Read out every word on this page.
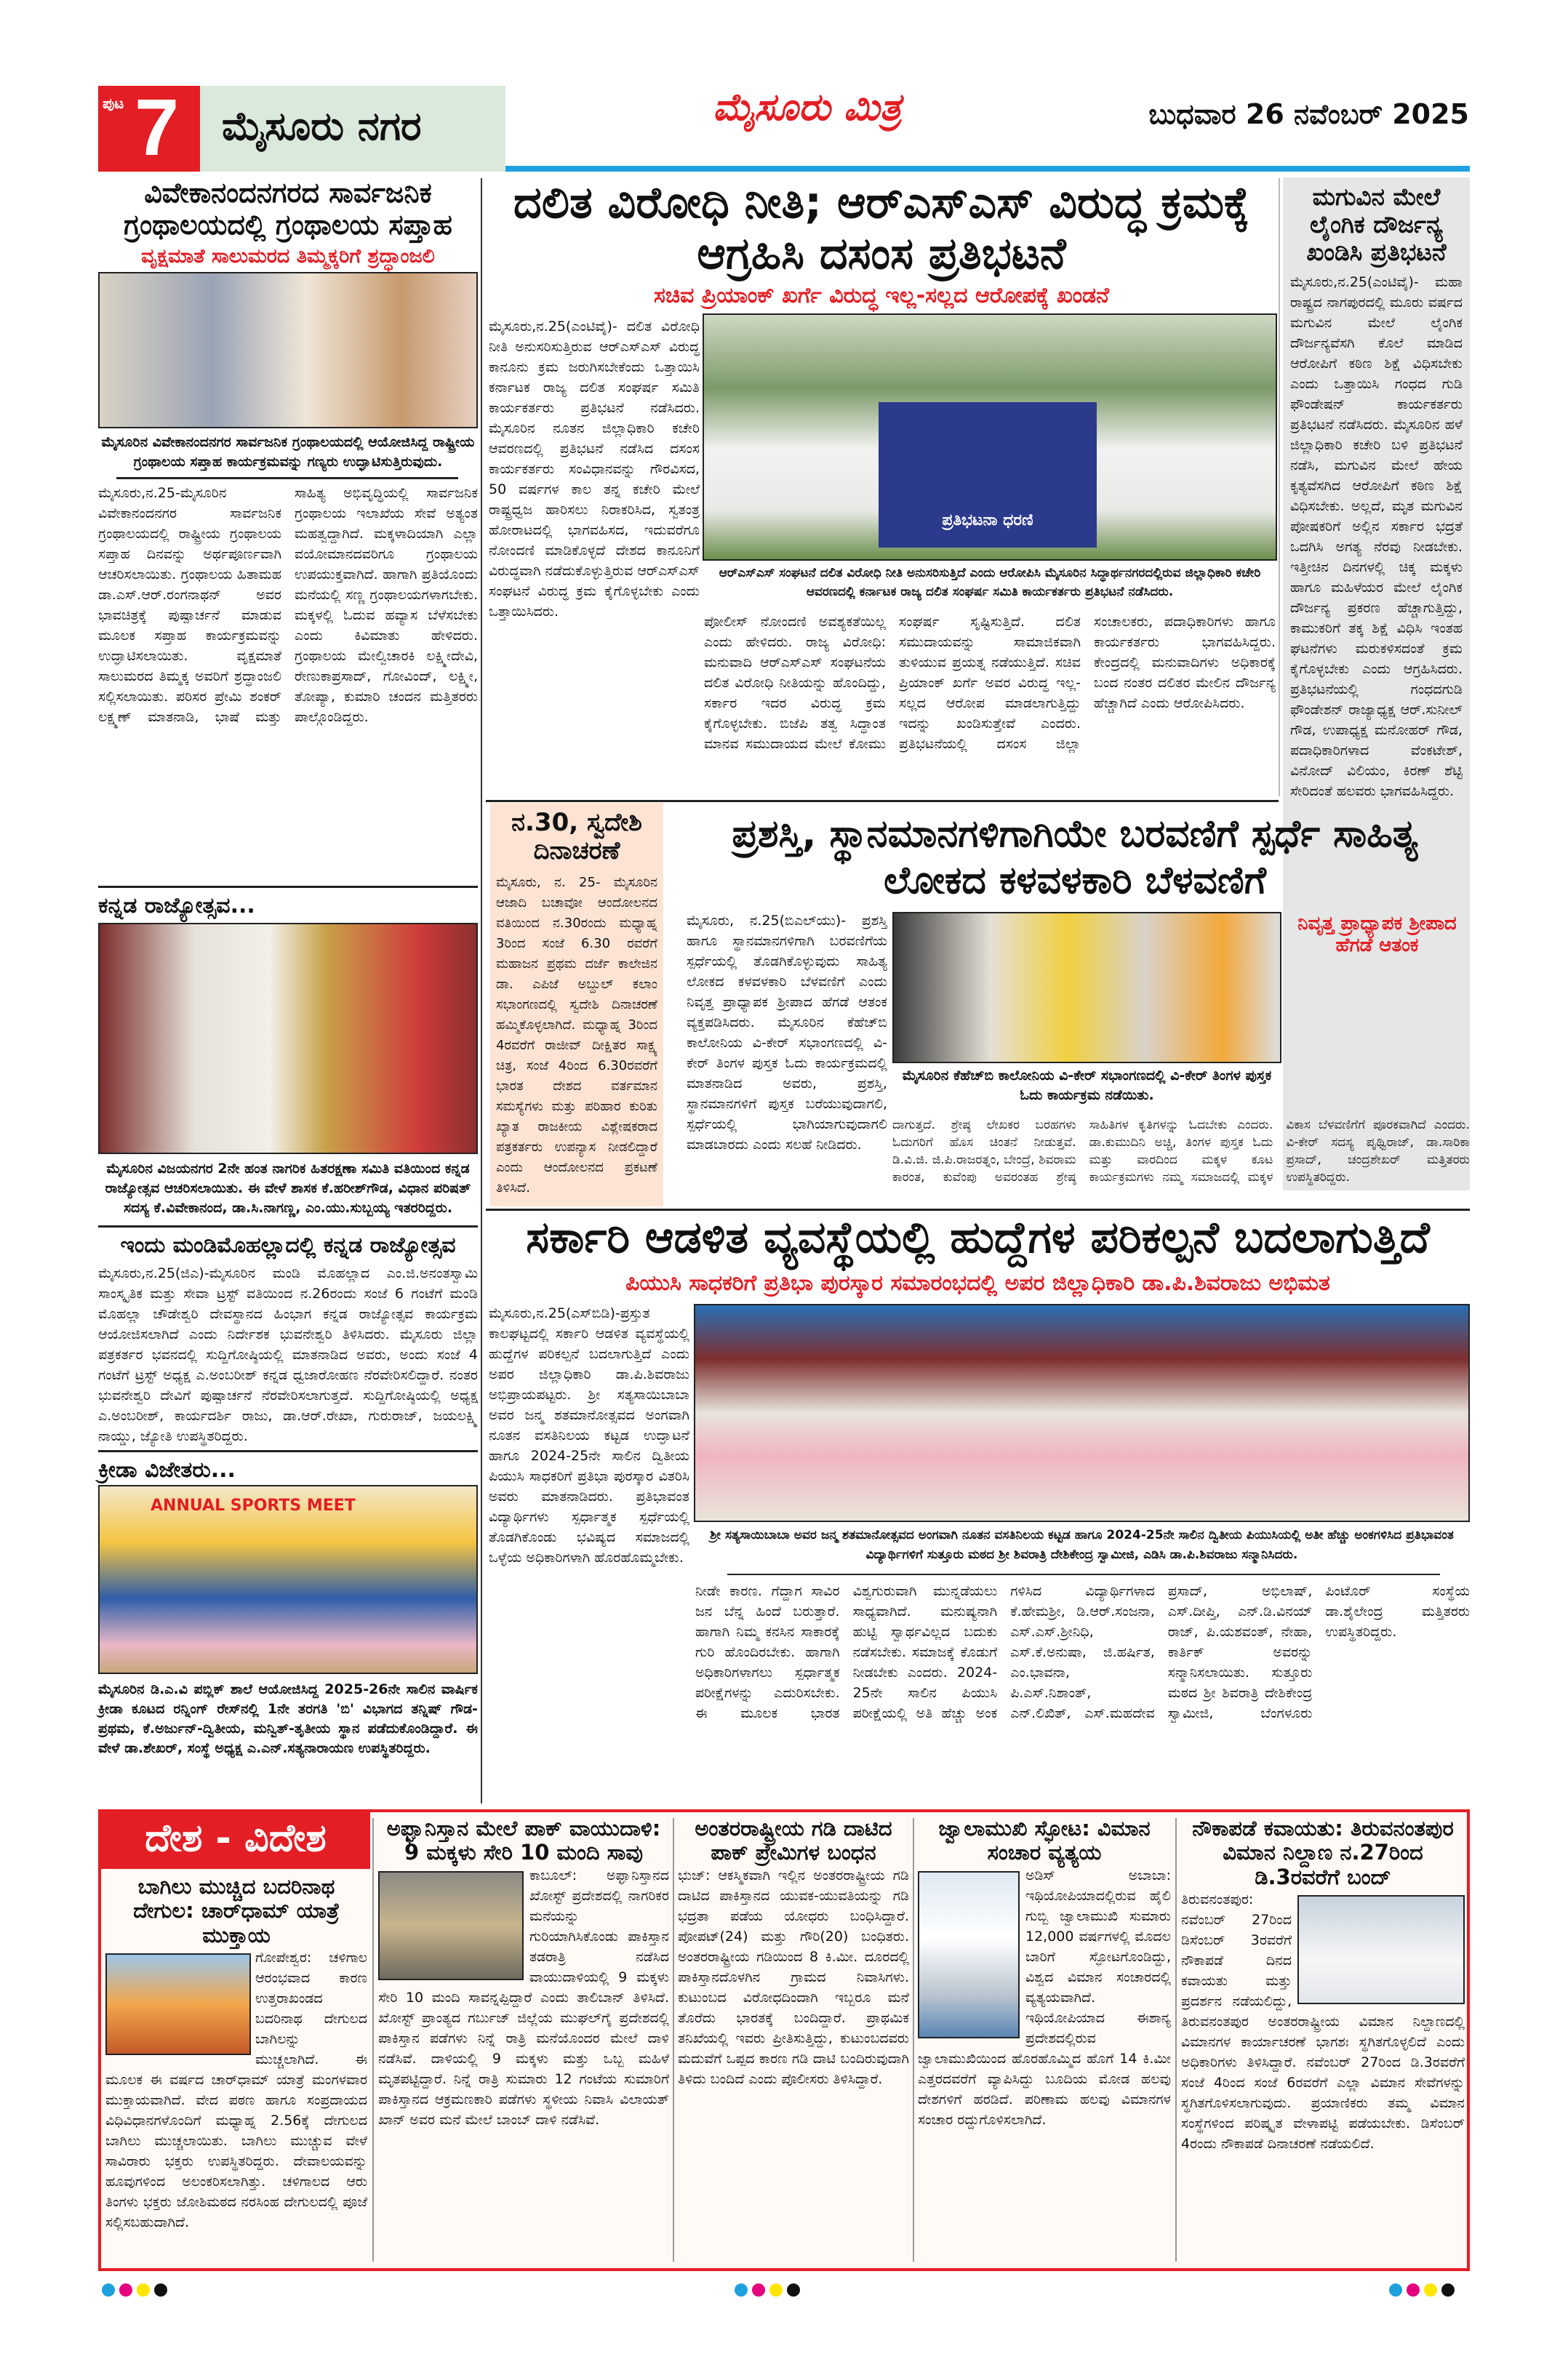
ಪುಟ 7	ಮೈಸೂರು ನಗರ	ಮೈಸೂರು ಮಿತ್ರ	ಬುಧವಾರ 26 ನವೆಂಬರ್ 2025
ವಿವೇಕಾನಂದನಗರದ ಸಾರ್ವಜನಿಕ ಗ್ರಂಥಾಲಯದಲ್ಲಿ ಗ್ರಂಥಾಲಯ ಸಪ್ತಾಹ
ವೃಕ್ಷಮಾತೆ ಸಾಲುಮರದ ತಿಮ್ಮಕ್ಕರಿಗೆ ಶ್ರದ್ಧಾಂಜಲಿ
ಮೈಸೂರಿನ ವಿವೇಕಾನಂದನಗರ ಸಾರ್ವಜನಿಕ ಗ್ರಂಥಾಲಯದಲ್ಲಿ ಆಯೋಜಿಸಿದ್ದ ರಾಷ್ಟ್ರೀಯ ಗ್ರಂಥಾಲಯ ಸಪ್ತಾಹ ಕಾರ್ಯಕ್ರಮವನ್ನು ಗಣ್ಯರು ಉದ್ಘಾಟಿಸುತ್ತಿರುವುದು.
ಮೈಸೂರು,ನ.25-ಮೈಸೂರಿನ ವಿವೇಕಾನಂದನಗರ ಸಾರ್ವಜನಿಕ ಗ್ರಂಥಾಲಯದಲ್ಲಿ ರಾಷ್ಟ್ರೀಯ ಗ್ರಂಥಾಲಯ ಸಪ್ತಾಹ ದಿನವನ್ನು ಅರ್ಥಪೂರ್ಣವಾಗಿ ಆಚರಿಸಲಾಯಿತು. ಗ್ರಂಥಾಲಯ ಹಿತಾಮಹ ಡಾ.ಎಸ್.ಆರ್.ರಂಗನಾಥನ್ ಅವರ ಭಾವಚಿತ್ರಕ್ಕೆ ಪುಷ್ಪಾರ್ಚನೆ ಮಾಡುವ ಮೂಲಕ ಸಪ್ತಾಹ ಕಾರ್ಯಕ್ರಮವನ್ನು ಉದ್ಘಾಟಿಸಲಾಯಿತು. ವೃಕ್ಷಮಾತೆ ಸಾಲುಮರದ ತಿಮ್ಮಕ್ಕ ಅವರಿಗೆ ಶ್ರದ್ಧಾಂಜಲಿ ಸಲ್ಲಿಸಲಾಯಿತು. ಪರಿಸರ ಪ್ರೇಮಿ ಶಂಕರ್ ಲಕ್ಷ್ಮಣ್ ಮಾತನಾಡಿ, ಭಾಷೆ ಮತ್ತು ಸಾಹಿತ್ಯ ಅಭಿವೃದ್ಧಿಯಲ್ಲಿ ಸಾರ್ವಜನಿಕ ಗ್ರಂಥಾಲಯ ಇಲಾಖೆಯ ಸೇವೆ ಅತ್ಯಂತ ಮಹತ್ವದ್ದಾಗಿದೆ. ಮಕ್ಕಳಾದಿಯಾಗಿ ಎಲ್ಲಾ ವಯೋಮಾನದವರಿಗೂ ಗ್ರಂಥಾಲಯ ಉಪಯುಕ್ತವಾಗಿದೆ. ಹಾಗಾಗಿ ಪ್ರತಿಯೊಂದು ಮನೆಯಲ್ಲಿ ಸಣ್ಣ ಗ್ರಂಥಾಲಯಗಳಾಗಬೇಕು. ಮಕ್ಕಳಲ್ಲಿ ಓದುವ ಹವ್ಯಾಸ ಬೆಳೆಸಬೇಕು ಎಂದು ಕಿವಿಮಾತು ಹೇಳಿದರು. ಗ್ರಂಥಾಲಯ ಮೇಲ್ವಿಚಾರಕಿ ಲಕ್ಷ್ಮೀದೇವಿ, ರೇಣುಕಾಪ್ರಸಾದ್, ಗೋವಿಂದ್, ಲಕ್ಷ್ಮೀ, ತೋಪ್ಯಾ, ಕುಮಾರಿ ಚಂದನ ಮತ್ತಿತರರು ಪಾಲ್ಗೊಂಡಿದ್ದರು.
ಕನ್ನಡ ರಾಜ್ಯೋತ್ಸವ...
ಮೈಸೂರಿನ ವಿಜಯನಗರ 2ನೇ ಹಂತ ನಾಗರಿಕ ಹಿತರಕ್ಷಣಾ ಸಮಿತಿ ವತಿಯಿಂದ ಕನ್ನಡ ರಾಜ್ಯೋತ್ಸವ ಆಚರಿಸಲಾಯಿತು. ಈ ವೇಳೆ ಶಾಸಕ ಕೆ.ಹರೀಶ್‌ಗೌಡ, ವಿಧಾನ ಪರಿಷತ್ ಸದಸ್ಯ ಕೆ.ವಿವೇಕಾನಂದ, ಡಾ.ಸಿ.ನಾಗಣ್ಣ, ಎಂ.ಯು.ಸುಬ್ಬಯ್ಯ ಇತರರಿದ್ದರು.
ಇಂದು ಮಂಡಿಮೊಹಲ್ಲಾದಲ್ಲಿ ಕನ್ನಡ ರಾಜ್ಯೋತ್ಸವ
ಮೈಸೂರು,ನ.25(ಜಿಎ)-ಮೈಸೂರಿನ ಮಂಡಿ ಮೊಹಲ್ಲಾದ ಎಂ.ಜಿ.ಅನಂತಸ್ವಾಮಿ ಸಾಂಸ್ಕೃತಿಕ ಮತ್ತು ಸೇವಾ ಟ್ರಸ್ಟ್ ವತಿಯಿಂದ ನ.26ರಂದು ಸಂಜೆ 6 ಗಂಟೆಗೆ ಮಂಡಿ ಮೊಹಲ್ಲಾ ಚೌಡೇಶ್ವರಿ ದೇವಸ್ಥಾನದ ಹಿಂಭಾಗ ಕನ್ನಡ ರಾಜ್ಯೋತ್ಸವ ಕಾರ್ಯಕ್ರಮ ಆಯೋಜಿಸಲಾಗಿದೆ ಎಂದು ನಿರ್ದೇಶಕ ಭುವನೇಶ್ವರಿ ತಿಳಿಸಿದರು. ಮೈಸೂರು ಜಿಲ್ಲಾ ಪತ್ರಕರ್ತರ ಭವನದಲ್ಲಿ ಸುದ್ದಿಗೋಷ್ಠಿಯಲ್ಲಿ ಮಾತನಾಡಿದ ಅವರು, ಅಂದು ಸಂಜೆ 4 ಗಂಟೆಗೆ ಟ್ರಸ್ಟ್ ಅಧ್ಯಕ್ಷ ಎ.ಅಂಬರೀಶ್ ಕನ್ನಡ ಧ್ವಜಾರೋಹಣ ನೆರವೇರಿಸಲಿದ್ದಾರೆ. ನಂತರ ಭುವನೇಶ್ವರಿ ದೇವಿಗೆ ಪುಷ್ಪಾರ್ಚನೆ ನೆರವೇರಿಸಲಾಗುತ್ತದೆ. ಸುದ್ದಿಗೋಷ್ಠಿಯಲ್ಲಿ ಅಧ್ಯಕ್ಷ ಎ.ಅಂಬರೀಶ್, ಕಾರ್ಯದರ್ಶಿ ರಾಜು, ಡಾ.ಆರ್.ರೇಖಾ, ಗುರುರಾಜ್, ಜಯಲಕ್ಷ್ಮಿ ನಾಯ್ಡು, ಜ್ಯೋತಿ ಉಪಸ್ಥಿತರಿದ್ದರು.
ಕ್ರೀಡಾ ವಿಜೇತರು...
ANNUAL SPORTS MEET
ಮೈಸೂರಿನ ಡಿ.ಎ.ವಿ ಪಬ್ಲಿಕ್ ಶಾಲೆ ಆಯೋಜಿಸಿದ್ದ 2025-26ನೇ ಸಾಲಿನ ವಾರ್ಷಿಕ ಕ್ರೀಡಾ ಕೂಟದ ರನ್ನಿಂಗ್ ರೇಸ್‌ನಲ್ಲಿ 1ನೇ ತರಗತಿ 'ಬಿ' ವಿಭಾಗದ ತನ್ನಿಷ್ ಗೌಡ-ಪ್ರಥಮ, ಕೆ.ಅರ್ಜುನ್-ದ್ವಿತೀಯ, ಮನ್ವಿತ್-ತೃತೀಯ ಸ್ಥಾನ ಪಡೆದುಕೊಂಡಿದ್ದಾರೆ. ಈ ವೇಳೆ ಡಾ.ಶೇಖರ್, ಸಂಸ್ಥೆ ಅಧ್ಯಕ್ಷ ಎ.ಎನ್.ಸತ್ಯನಾರಾಯಣ ಉಪಸ್ಥಿತರಿದ್ದರು.
ದಲಿತ ವಿರೋಧಿ ನೀತಿ; ಆರ್‌ಎಸ್‌ಎಸ್ ವಿರುದ್ಧ ಕ್ರಮಕ್ಕೆ ಆಗ್ರಹಿಸಿ ದಸಂಸ ಪ್ರತಿಭಟನೆ
ಸಚಿವ ಪ್ರಿಯಾಂಕ್ ಖರ್ಗೆ ವಿರುದ್ಧ ಇಲ್ಲ-ಸಲ್ಲದ ಆರೋಪಕ್ಕೆ ಖಂಡನೆ
ಮೈಸೂರು,ನ.25(ಎಂಟಿವೈ)- ದಲಿತ ವಿರೋಧಿ ನೀತಿ ಅನುಸರಿಸುತ್ತಿರುವ ಆರ್‌ಎಸ್‌ಎಸ್ ವಿರುದ್ಧ ಕಾನೂನು ಕ್ರಮ ಜರುಗಿಸಬೇಕೆಂದು ಒತ್ತಾಯಿಸಿ ಕರ್ನಾಟಕ ರಾಜ್ಯ ದಲಿತ ಸಂಘರ್ಷ ಸಮಿತಿ ಕಾರ್ಯಕರ್ತರು ಪ್ರತಿಭಟನೆ ನಡೆಸಿದರು. ಮೈಸೂರಿನ ನೂತನ ಜಿಲ್ಲಾಧಿಕಾರಿ ಕಚೇರಿ ಆವರಣದಲ್ಲಿ ಪ್ರತಿಭಟನೆ ನಡೆಸಿದ ದಸಂಸ ಕಾರ್ಯಕರ್ತರು ಸಂವಿಧಾನವನ್ನು ಗೌರವಿಸದ, 50 ವರ್ಷಗಳ ಕಾಲ ತನ್ನ ಕಚೇರಿ ಮೇಲೆ ರಾಷ್ಟ್ರಧ್ವಜ ಹಾರಿಸಲು ನಿರಾಕರಿಸಿದ, ಸ್ವತಂತ್ರ ಹೋರಾಟದಲ್ಲಿ ಭಾಗವಹಿಸದ, ಇದುವರೆಗೂ ನೋಂದಣಿ ಮಾಡಿಕೊಳ್ಳದೆ ದೇಶದ ಕಾನೂನಿಗೆ ವಿರುದ್ಧವಾಗಿ ನಡೆದುಕೊಳ್ಳುತ್ತಿರುವ ಆರ್‌ಎಸ್‌ಎಸ್ ಸಂಘಟನೆ ವಿರುದ್ಧ ಕ್ರಮ ಕೈಗೊಳ್ಳಬೇಕು ಎಂದು ಒತ್ತಾಯಿಸಿದರು.
ಪ್ರತಿಭಟನಾ ಧರಣಿ
ಆರ್‌ಎಸ್‌ಎಸ್ ಸಂಘಟನೆ ದಲಿತ ವಿರೋಧಿ ನೀತಿ ಅನುಸರಿಸುತ್ತಿದೆ ಎಂದು ಆರೋಪಿಸಿ ಮೈಸೂರಿನ ಸಿದ್ಧಾರ್ಥನಗರದಲ್ಲಿರುವ ಜಿಲ್ಲಾಧಿಕಾರಿ ಕಚೇರಿ ಆವರಣದಲ್ಲಿ ಕರ್ನಾಟಕ ರಾಜ್ಯ ದಲಿತ ಸಂಘರ್ಷ ಸಮಿತಿ ಕಾರ್ಯಕರ್ತರು ಪ್ರತಿಭಟನೆ ನಡೆಸಿದರು.
ಪೋಲೀಸ್ ನೋಂದಣಿ ಅವಶ್ಯಕತೆಯಿಲ್ಲ ಎಂದು ಹೇಳಿದರು. ರಾಜ್ಯ ವಿರೋಧಿ: ಮನುವಾದಿ ಆರ್‌ಎಸ್‌ಎಸ್ ಸಂಘಟನೆಯ ದಲಿತ ವಿರೋಧಿ ನೀತಿಯನ್ನು ಹೊಂದಿದ್ದು, ಸರ್ಕಾರ ಇದರ ವಿರುದ್ಧ ಕ್ರಮ ಕೈಗೊಳ್ಳಬೇಕು. ಬಿಜೆಪಿ ತತ್ವ ಸಿದ್ಧಾಂತ ಮಾನವ ಸಮುದಾಯದ ಮೇಲೆ ಕೋಮು ಸಂಘರ್ಷ ಸೃಷ್ಟಿಸುತ್ತಿದೆ. ದಲಿತ ಸಮುದಾಯವನ್ನು ಸಾಮಾಜಿಕವಾಗಿ ತುಳಿಯುವ ಪ್ರಯತ್ನ ನಡೆಯುತ್ತಿದೆ. ಸಚಿವ ಪ್ರಿಯಾಂಕ್ ಖರ್ಗೆ ಅವರ ವಿರುದ್ಧ ಇಲ್ಲ-ಸಲ್ಲದ ಆರೋಪ ಮಾಡಲಾಗುತ್ತಿದ್ದು ಇದನ್ನು ಖಂಡಿಸುತ್ತೇವೆ ಎಂದರು. ಪ್ರತಿಭಟನೆಯಲ್ಲಿ ದಸಂಸ ಜಿಲ್ಲಾ ಸಂಚಾಲಕರು, ಪದಾಧಿಕಾರಿಗಳು ಹಾಗೂ ಕಾರ್ಯಕರ್ತರು ಭಾಗವಹಿಸಿದ್ದರು. ಕೇಂದ್ರದಲ್ಲಿ ಮನುವಾದಿಗಳು ಅಧಿಕಾರಕ್ಕೆ ಬಂದ ನಂತರ ದಲಿತರ ಮೇಲಿನ ದೌರ್ಜನ್ಯ ಹೆಚ್ಚಾಗಿದೆ ಎಂದು ಆರೋಪಿಸಿದರು.
ಮಗುವಿನ ಮೇಲೆ ಲೈಂಗಿಕ ದೌರ್ಜನ್ಯ ಖಂಡಿಸಿ ಪ್ರತಿಭಟನೆ
ಮೈಸೂರು,ನ.25(ಎಂಟಿವೈ)- ಮಹಾ ರಾಷ್ಟ್ರದ ನಾಗಪುರದಲ್ಲಿ ಮೂರು ವರ್ಷದ ಮಗುವಿನ ಮೇಲೆ ಲೈಂಗಿಕ ದೌರ್ಜನ್ಯವೆಸಗಿ ಕೊಲೆ ಮಾಡಿದ ಆರೋಪಿಗೆ ಕಠಿಣ ಶಿಕ್ಷೆ ವಿಧಿಸಬೇಕು ಎಂದು ಒತ್ತಾಯಿಸಿ ಗಂಧದ ಗುಡಿ ಫೌಂಡೇಷನ್ ಕಾರ್ಯಕರ್ತರು ಪ್ರತಿಭಟನೆ ನಡೆಸಿದರು. ಮೈಸೂರಿನ ಹಳೆ ಜಿಲ್ಲಾಧಿಕಾರಿ ಕಚೇರಿ ಬಳಿ ಪ್ರತಿಭಟನೆ ನಡೆಸಿ, ಮಗುವಿನ ಮೇಲೆ ಹೇಯ ಕೃತ್ಯವೆಸಗಿದ ಆರೋಪಿಗೆ ಕಠಿಣ ಶಿಕ್ಷೆ ವಿಧಿಸಬೇಕು. ಅಲ್ಲದೆ, ಮೃತ ಮಗುವಿನ ಪೋಷಕರಿಗೆ ಅಲ್ಲಿನ ಸರ್ಕಾರ ಭದ್ರತೆ ಒದಗಿಸಿ ಅಗತ್ಯ ನೆರವು ನೀಡಬೇಕು. ಇತ್ತೀಚಿನ ದಿನಗಳಲ್ಲಿ ಚಿಕ್ಕ ಮಕ್ಕಳು ಹಾಗೂ ಮಹಿಳೆಯರ ಮೇಲೆ ಲೈಂಗಿಕ ದೌರ್ಜನ್ಯ ಪ್ರಕರಣ ಹೆಚ್ಚಾಗುತ್ತಿದ್ದು, ಕಾಮುಕರಿಗೆ ತಕ್ಕ ಶಿಕ್ಷೆ ವಿಧಿಸಿ ಇಂತಹ ಘಟನೆಗಳು ಮರುಕಳಿಸದಂತೆ ಕ್ರಮ ಕೈಗೊಳ್ಳಬೇಕು ಎಂದು ಆಗ್ರಹಿಸಿದರು. ಪ್ರತಿಭಟನೆಯಲ್ಲಿ ಗಂಧದಗುಡಿ ಫೌಂಡೇಶನ್ ರಾಜ್ಯಾಧ್ಯಕ್ಷ ಆರ್.ಸುನೀಲ್ ಗೌಡ, ಉಪಾಧ್ಯಕ್ಷ ಮನೋಹರ್ ಗೌಡ, ಪದಾಧಿಕಾರಿಗಳಾದ ವೆಂಕಟೇಶ್, ವಿನೋದ್ ವಿಲಿಯಂ, ಕಿರಣ್ ಶೆಟ್ಟಿ ಸೇರಿದಂತೆ ಹಲವರು ಭಾಗವಹಿಸಿದ್ದರು.
ನ.30, ಸ್ವದೇಶಿ ದಿನಾಚರಣೆ
ಮೈಸೂರು, ನ. 25- ಮೈಸೂರಿನ ಆಜಾದಿ ಬಚಾವೋ ಆಂದೋಲನದ ವತಿಯಿಂದ ನ.30ರಂದು ಮಧ್ಯಾಹ್ನ 3ರಿಂದ ಸಂಜೆ 6.30 ರವರೆಗೆ ಮಹಾಜನ ಪ್ರಥಮ ದರ್ಜೆ ಕಾಲೇಜಿನ ಡಾ. ಎಪಿಜೆ ಅಬ್ದುಲ್ ಕಲಾಂ ಸಭಾಂಗಣದಲ್ಲಿ ಸ್ವದೇಶಿ ದಿನಾಚರಣೆ ಹಮ್ಮಿಕೊಳ್ಳಲಾಗಿದೆ. ಮಧ್ಯಾಹ್ನ 3ರಿಂದ 4ರವರೆಗೆ ರಾಜೀವ್ ದೀಕ್ಷಿತರ ಸಾಕ್ಷ್ಯ ಚಿತ್ರ, ಸಂಜೆ 4ರಿಂದ 6.30ರವರೆಗೆ ಭಾರತ ದೇಶದ ವರ್ತಮಾನ ಸಮಸ್ಯೆಗಳು ಮತ್ತು ಪರಿಹಾರ ಕುರಿತು ಖ್ಯಾತ ರಾಜಕೀಯ ವಿಶ್ಲೇಷಕರಾದ ಪತ್ರಕರ್ತರು ಉಪನ್ಯಾಸ ನೀಡಲಿದ್ದಾರೆ ಎಂದು ಆಂದೋಲನದ ಪ್ರಕಟಣೆ ತಿಳಿಸಿದೆ.
ಪ್ರಶಸ್ತಿ, ಸ್ಥಾನಮಾನಗಳಿಗಾಗಿಯೇ ಬರವಣಿಗೆ ಸ್ಪರ್ಧೆ ಸಾಹಿತ್ಯ ಲೋಕದ ಕಳವಳಕಾರಿ ಬೆಳವಣಿಗೆ
ಮೈಸೂರು, ನ.25(ಬಿಎಲ್‌ಯು)- ಪ್ರಶಸ್ತಿ ಹಾಗೂ ಸ್ಥಾನಮಾನಗಳಿಗಾಗಿ ಬರವಣಿಗೆಯ ಸ್ಪರ್ಧೆಯಲ್ಲಿ ತೊಡಗಿಕೊಳ್ಳುವುದು ಸಾಹಿತ್ಯ ಲೋಕದ ಕಳವಳಕಾರಿ ಬೆಳವಣಿಗೆ ಎಂದು ನಿವೃತ್ತ ಪ್ರಾಧ್ಯಾಪಕ ಶ್ರೀಪಾದ ಹೆಗಡೆ ಆತಂಕ ವ್ಯಕ್ತಪಡಿಸಿದರು. ಮೈಸೂರಿನ ಕೆಹೆಚ್‌ಬಿ ಕಾಲೋನಿಯ ವಿ-ಕೇರ್ ಸಭಾಂಗಣದಲ್ಲಿ ವಿ-ಕೇರ್ ತಿಂಗಳ ಪುಸ್ತಕ ಓದು ಕಾರ್ಯಕ್ರಮದಲ್ಲಿ ಮಾತನಾಡಿದ ಅವರು, ಪ್ರಶಸ್ತಿ, ಸ್ಥಾನಮಾನಗಳಿಗೆ ಪುಸ್ತಕ ಬರೆಯುವುದಾಗಲಿ, ಸ್ಪರ್ಧೆಯಲ್ಲಿ ಭಾಗಿಯಾಗುವುದಾಗಲಿ ಮಾಡಬಾರದು ಎಂದು ಸಲಹೆ ನೀಡಿದರು.
ಮೈಸೂರಿನ ಕೆಹೆಚ್‌ಬಿ ಕಾಲೋನಿಯ ವಿ-ಕೇರ್ ಸಭಾಂಗಣದಲ್ಲಿ ವಿ-ಕೇರ್ ತಿಂಗಳ ಪುಸ್ತಕ ಓದು ಕಾರ್ಯಕ್ರಮ ನಡೆಯಿತು.
ನಿವೃತ್ತ ಪ್ರಾಧ್ಯಾಪಕ ಶ್ರೀಪಾದ ಹೆಗಡೆ ಆತಂಕ
ದಾಗುತ್ತದೆ. ಶ್ರೇಷ್ಠ ಲೇಖಕರ ಬರಹಗಳು ಓದುಗರಿಗೆ ಹೊಸ ಚಿಂತನೆ ನೀಡುತ್ತವೆ. ಡಿ.ವಿ.ಜಿ. ಜಿ.ಪಿ.ರಾಜರತ್ನಂ, ಬೇಂದ್ರೆ, ಶಿವರಾಮ ಕಾರಂತ, ಕುವೆಂಪು ಅವರಂತಹ ಶ್ರೇಷ್ಠ ಸಾಹಿತಿಗಳ ಕೃತಿಗಳನ್ನು ಓದಬೇಕು ಎಂದರು. ಡಾ.ಕುಮುದಿನಿ ಅಚ್ಚಿ, ತಿಂಗಳ ಪುಸ್ತಕ ಓದು ಮತ್ತು ವಾರದಿಂದ ಮಕ್ಕಳ ಕೂಟ ಕಾರ್ಯಕ್ರಮಗಳು ನಮ್ಮ ಸಮಾಜದಲ್ಲಿ ಮಕ್ಕಳ ವಿಕಾಸ ಬೆಳವಣಿಗೆಗೆ ಪೂರಕವಾಗಿದೆ ಎಂದರು. ವಿ-ಕೇರ್ ಸದಸ್ಯ ಪೃಥ್ವಿರಾಜ್, ಡಾ.ಸಾರಿಕಾ ಪ್ರಸಾದ್, ಚಂದ್ರಶೇಖರ್ ಮತ್ತಿತರರು ಉಪಸ್ಥಿತರಿದ್ದರು.
ಸರ್ಕಾರಿ ಆಡಳಿತ ವ್ಯವಸ್ಥೆಯಲ್ಲಿ ಹುದ್ದೆಗಳ ಪರಿಕಲ್ಪನೆ ಬದಲಾಗುತ್ತಿದೆ
ಪಿಯುಸಿ ಸಾಧಕರಿಗೆ ಪ್ರತಿಭಾ ಪುರಸ್ಕಾರ ಸಮಾರಂಭದಲ್ಲಿ ಅಪರ ಜಿಲ್ಲಾಧಿಕಾರಿ ಡಾ.ಪಿ.ಶಿವರಾಜು ಅಭಿಮತ
ಮೈಸೂರು,ನ.25(ಎಸ್‌ಬಿಡಿ)-ಪ್ರಸ್ತುತ ಕಾಲಘಟ್ಟದಲ್ಲಿ ಸರ್ಕಾರಿ ಆಡಳಿತ ವ್ಯವಸ್ಥೆಯಲ್ಲಿ ಹುದ್ದೆಗಳ ಪರಿಕಲ್ಪನೆ ಬದಲಾಗುತ್ತಿದೆ ಎಂದು ಅಪರ ಜಿಲ್ಲಾಧಿಕಾರಿ ಡಾ.ಪಿ.ಶಿವರಾಜು ಅಭಿಪ್ರಾಯಪಟ್ಟರು. ಶ್ರೀ ಸತ್ಯಸಾಯಿಬಾಬಾ ಅವರ ಜನ್ಮ ಶತಮಾನೋತ್ಸವದ ಅಂಗವಾಗಿ ನೂತನ ವಸತಿನಿಲಯ ಕಟ್ಟಡ ಉದ್ಘಾಟನೆ ಹಾಗೂ 2024-25ನೇ ಸಾಲಿನ ದ್ವಿತೀಯ ಪಿಯುಸಿ ಸಾಧಕರಿಗೆ ಪ್ರತಿಭಾ ಪುರಸ್ಕಾರ ವಿತರಿಸಿ ಅವರು ಮಾತನಾಡಿದರು. ಪ್ರತಿಭಾವಂತ ವಿದ್ಯಾರ್ಥಿಗಳು ಸ್ಪರ್ಧಾತ್ಮಕ ಸ್ಪರ್ಧೆಯಲ್ಲಿ ತೊಡಗಿಕೊಂಡು ಭವಿಷ್ಯದ ಸಮಾಜದಲ್ಲಿ ಒಳ್ಳೆಯ ಅಧಿಕಾರಿಗಳಾಗಿ ಹೊರಹೊಮ್ಮಬೇಕು.
ಶ್ರೀ ಸತ್ಯಸಾಯಿಬಾಬಾ ಅವರ ಜನ್ಮ ಶತಮಾನೋತ್ಸವದ ಅಂಗವಾಗಿ ನೂತನ ವಸತಿನಿಲಯ ಕಟ್ಟಡ ಹಾಗೂ 2024-25ನೇ ಸಾಲಿನ ದ್ವಿತೀಯ ಪಿಯುಸಿಯಲ್ಲಿ ಅತೀ ಹೆಚ್ಚು ಅಂಕಗಳಿಸಿದ ಪ್ರತಿಭಾವಂತ ವಿದ್ಯಾರ್ಥಿಗಳಿಗೆ ಸುತ್ತೂರು ಮಠದ ಶ್ರೀ ಶಿವರಾತ್ರಿ ದೇಶಿಕೇಂದ್ರ ಸ್ವಾಮೀಜಿ, ಎಡಿಸಿ ಡಾ.ಪಿ.ಶಿವರಾಜು ಸನ್ಮಾನಿಸಿದರು.
ನೀಡೇ ಕಾರಣ. ಗೆದ್ದಾಗ ಸಾವಿರ ಜನ ಬೆನ್ನ ಹಿಂದೆ ಬರುತ್ತಾರೆ. ಹಾಗಾಗಿ ನಿಮ್ಮ ಕನಸಿನ ಸಾಕಾರಕ್ಕೆ ಗುರಿ ಹೊಂದಿರಬೇಕು. ಹಾಗಾಗಿ ಅಧಿಕಾರಿಗಳಾಗಲು ಸ್ಪರ್ಧಾತ್ಮಕ ಪರೀಕ್ಷೆಗಳನ್ನು ಎದುರಿಸಬೇಕು. ಈ ಮೂಲಕ ಭಾರತ ವಿಶ್ವಗುರುವಾಗಿ ಮುನ್ನಡೆಯಲು ಸಾಧ್ಯವಾಗಿದೆ. ಮನುಷ್ಯನಾಗಿ ಹುಟ್ಟಿ ಸ್ವಾರ್ಥವಿಲ್ಲದ ಬದುಕು ನಡೆಸಬೇಕು. ಸಮಾಜಕ್ಕೆ ಕೊಡುಗೆ ನೀಡಬೇಕು ಎಂದರು. 2024-25ನೇ ಸಾಲಿನ ಪಿಯುಸಿ ಪರೀಕ್ಷೆಯಲ್ಲಿ ಅತಿ ಹೆಚ್ಚು ಅಂಕ ಗಳಿಸಿದ ವಿದ್ಯಾರ್ಥಿಗಳಾದ ಕೆ.ಹೇಮಶ್ರೀ, ಡಿ.ಆರ್.ಸಂಜನಾ, ಎಸ್.ಎಸ್.ಶ್ರೀನಿಧಿ, ಎಸ್.ಕೆ.ಅನುಷಾ, ಜಿ.ಹರ್ಷಿತ, ಎಂ.ಭಾವನಾ, ಪಿ.ಎಸ್.ನಿಶಾಂತ್, ಎನ್.ಲಿಖಿತ್, ಎಸ್.ಮಹದೇವ ಪ್ರಸಾದ್, ಅಭಿಲಾಷ್, ಎಸ್.ದೀಪ್ತಿ, ಎನ್.ಡಿ.ವಿನಯ್ ರಾಜ್, ಪಿ.ಯಶವಂತ್, ನೇಹಾ, ಕಾರ್ತಿಕ್ ಅವರನ್ನು ಸನ್ಮಾನಿಸಲಾಯಿತು. ಸುತ್ತೂರು ಮಠದ ಶ್ರೀ ಶಿವರಾತ್ರಿ ದೇಶಿಕೇಂದ್ರ ಸ್ವಾಮೀಜಿ, ಬೆಂಗಳೂರು ಪಿಂಟೊರ್ ಸಂಸ್ಥೆಯ ಡಾ.ಶೈಲೇಂದ್ರ ಮತ್ತಿತರರು ಉಪಸ್ಥಿತರಿದ್ದರು.
ದೇಶ - ವಿದೇಶ
ಬಾಗಿಲು ಮುಚ್ಚಿದ ಬದರಿನಾಥ ದೇಗುಲ: ಚಾರ್‌ಧಾಮ್ ಯಾತ್ರೆ ಮುಕ್ತಾಯ
ಗೋಪೇಶ್ವರ: ಚಳಿಗಾಲ ಆರಂಭವಾದ ಕಾರಣ ಉತ್ತರಾಖಂಡದ ಬದರಿನಾಥ ದೇಗುಲದ ಬಾಗಿಲನ್ನು ಮುಚ್ಚಲಾಗಿದೆ. ಈ ಮೂಲಕ ಈ ವರ್ಷದ ಚಾರ್‌ಧಾಮ್ ಯಾತ್ರೆ ಮಂಗಳವಾರ ಮುಕ್ತಾಯವಾಗಿದೆ. ವೇದ ಪಠಣ ಹಾಗೂ ಸಂಪ್ರದಾಯದ ವಿಧಿವಿಧಾನಗಳೊಂದಿಗೆ ಮಧ್ಯಾಹ್ನ 2.56ಕ್ಕೆ ದೇಗುಲದ ಬಾಗಿಲು ಮುಚ್ಚಲಾಯಿತು. ಬಾಗಿಲು ಮುಚ್ಚುವ ವೇಳೆ ಸಾವಿರಾರು ಭಕ್ತರು ಉಪಸ್ಥಿತರಿದ್ದರು. ದೇವಾಲಯವನ್ನು ಹೂವುಗಳಿಂದ ಅಲಂಕರಿಸಲಾಗಿತ್ತು. ಚಳಿಗಾಲದ ಆರು ತಿಂಗಳು ಭಕ್ತರು ಜೋಶಿಮಠದ ನರಸಿಂಹ ದೇಗುಲದಲ್ಲಿ ಪೂಜೆ ಸಲ್ಲಿಸಬಹುದಾಗಿದೆ.
ಅಫ್ಘಾನಿಸ್ತಾನ ಮೇಲೆ ಪಾಕ್ ವಾಯುದಾಳಿ: 9 ಮಕ್ಕಳು ಸೇರಿ 10 ಮಂದಿ ಸಾವು
ಕಾಬೂಲ್: ಅಫ್ಘಾನಿಸ್ತಾನದ ಖೋಸ್ಟ್ ಪ್ರದೇಶದಲ್ಲಿ ನಾಗರಿಕರ ಮನೆಯನ್ನು ಗುರಿಯಾಗಿಸಿಕೊಂಡು ಪಾಕಿಸ್ತಾನ ತಡರಾತ್ರಿ ನಡೆಸಿದ ವಾಯುದಾಳಿಯಲ್ಲಿ 9 ಮಕ್ಕಳು ಸೇರಿ 10 ಮಂದಿ ಸಾವನ್ನಪ್ಪಿದ್ದಾರೆ ಎಂದು ತಾಲಿಬಾನ್ ತಿಳಿಸಿದೆ. ಖೋಸ್ಟ್ ಪ್ರಾಂತ್ಯದ ಗರ್ಬುಜ್ ಜಿಲ್ಲೆಯ ಮುಘಲ್‌ಗೈ ಪ್ರದೇಶದಲ್ಲಿ ಪಾಕಿಸ್ತಾನ ಪಡೆಗಳು ನಿನ್ನೆ ರಾತ್ರಿ ಮನೆಯೊಂದರ ಮೇಲೆ ದಾಳಿ ನಡೆಸಿವೆ. ದಾಳಿಯಲ್ಲಿ 9 ಮಕ್ಕಳು ಮತ್ತು ಒಬ್ಬ ಮಹಿಳೆ ಮೃತಪಟ್ಟಿದ್ದಾರೆ. ನಿನ್ನೆ ರಾತ್ರಿ ಸುಮಾರು 12 ಗಂಟೆಯ ಸುಮಾರಿಗೆ ಪಾಕಿಸ್ತಾನದ ಆಕ್ರಮಣಕಾರಿ ಪಡೆಗಳು ಸ್ಥಳೀಯ ನಿವಾಸಿ ವಿಲಾಯತ್ ಖಾನ್ ಅವರ ಮನೆ ಮೇಲೆ ಬಾಂಬ್ ದಾಳಿ ನಡೆಸಿವೆ.
ಅಂತರರಾಷ್ಟ್ರೀಯ ಗಡಿ ದಾಟಿದ ಪಾಕ್ ಪ್ರೇಮಿಗಳ ಬಂಧನ
ಭುಜ್: ಆಕಸ್ಮಿಕವಾಗಿ ಇಲ್ಲಿನ ಅಂತರರಾಷ್ಟ್ರೀಯ ಗಡಿ ದಾಟಿದ ಪಾಕಿಸ್ತಾನದ ಯುವಕ-ಯುವತಿಯನ್ನು ಗಡಿ ಭದ್ರತಾ ಪಡೆಯ ಯೋಧರು ಬಂಧಿಸಿದ್ದಾರೆ. ಪೋಪಟ್(24) ಮತ್ತು ಗೌರಿ(20) ಬಂಧಿತರು. ಅಂತರರಾಷ್ಟ್ರೀಯ ಗಡಿಯಿಂದ 8 ಕಿ.ಮೀ. ದೂರದಲ್ಲಿ ಪಾಕಿಸ್ತಾನದೊಳಗಿನ ಗ್ರಾಮದ ನಿವಾಸಿಗಳು. ಕುಟುಂಬದ ವಿರೋಧದಿಂದಾಗಿ ಇಬ್ಬರೂ ಮನೆ ತೊರೆದು ಭಾರತಕ್ಕೆ ಬಂದಿದ್ದಾರೆ. ಪ್ರಾಥಮಿಕ ತನಿಖೆಯಲ್ಲಿ ಇವರು ಪ್ರೀತಿಸುತ್ತಿದ್ದು, ಕುಟುಂಬದವರು ಮದುವೆಗೆ ಒಪ್ಪದ ಕಾರಣ ಗಡಿ ದಾಟಿ ಬಂದಿರುವುದಾಗಿ ತಿಳಿದು ಬಂದಿದೆ ಎಂದು ಪೊಲೀಸರು ತಿಳಿಸಿದ್ದಾರೆ.
ಜ್ವಾಲಾಮುಖಿ ಸ್ಫೋಟ: ವಿಮಾನ ಸಂಚಾರ ವ್ಯತ್ಯಯ
ಅಡಿಸ್ ಅಬಾಬಾ: ಇಥಿಯೋಪಿಯಾದಲ್ಲಿರುವ ಹೈಲಿ ಗುಬ್ಬಿ ಜ್ವಾಲಾಮುಖಿ ಸುಮಾರು 12,000 ವರ್ಷಗಳಲ್ಲಿ ಮೊದಲ ಬಾರಿಗೆ ಸ್ಫೋಟಗೊಂಡಿದ್ದು, ವಿಶ್ವದ ವಿಮಾನ ಸಂಚಾರದಲ್ಲಿ ವ್ಯತ್ಯಯವಾಗಿದೆ. ಇಥಿಯೋಪಿಯಾದ ಈಶಾನ್ಯ ಪ್ರದೇಶದಲ್ಲಿರುವ ಜ್ವಾಲಾಮುಖಿಯಿಂದ ಹೊರಹೊಮ್ಮಿದ ಹೊಗೆ 14 ಕಿ.ಮೀ ಎತ್ತರದವರೆಗೆ ವ್ಯಾಪಿಸಿದ್ದು ಬೂದಿಯ ಮೋಡ ಹಲವು ದೇಶಗಳಿಗೆ ಹರಡಿದೆ. ಪರಿಣಾಮ ಹಲವು ವಿಮಾನಗಳ ಸಂಚಾರ ರದ್ದುಗೊಳಿಸಲಾಗಿದೆ.
ನೌಕಾಪಡೆ ಕವಾಯತು: ತಿರುವನಂತಪುರ ವಿಮಾನ ನಿಲ್ದಾಣ ನ.27ರಿಂದ ಡಿ.3ರವರೆಗೆ ಬಂದ್
ತಿರುವನಂತಪುರ: ನವೆಂಬರ್ 27ರಿಂದ ಡಿಸೆಂಬರ್ 3ರವರೆಗೆ ನೌಕಾಪಡೆ ದಿನದ ಕವಾಯತು ಮತ್ತು ಪ್ರದರ್ಶನ ನಡೆಯಲಿದ್ದು, ತಿರುವನಂತಪುರ ಅಂತರರಾಷ್ಟ್ರೀಯ ವಿಮಾನ ನಿಲ್ದಾಣದಲ್ಲಿ ವಿಮಾನಗಳ ಕಾರ್ಯಾಚರಣೆ ಭಾಗಶಃ ಸ್ಥಗಿತಗೊಳ್ಳಲಿದೆ ಎಂದು ಅಧಿಕಾರಿಗಳು ತಿಳಿಸಿದ್ದಾರೆ. ನವೆಂಬರ್ 27ರಿಂದ ಡಿ.3ರವರೆಗೆ ಸಂಜೆ 4ರಿಂದ ಸಂಜೆ 6ರವರೆಗೆ ಎಲ್ಲಾ ವಿಮಾನ ಸೇವೆಗಳನ್ನು ಸ್ಥಗಿತಗೊಳಿಸಲಾಗುವುದು. ಪ್ರಯಾಣಿಕರು ತಮ್ಮ ವಿಮಾನ ಸಂಸ್ಥೆಗಳಿಂದ ಪರಿಷ್ಕೃತ ವೇಳಾಪಟ್ಟಿ ಪಡೆಯಬೇಕು. ಡಿಸೆಂಬರ್ 4ರಂದು ನೌಕಾಪಡೆ ದಿನಾಚರಣೆ ನಡೆಯಲಿದೆ.
